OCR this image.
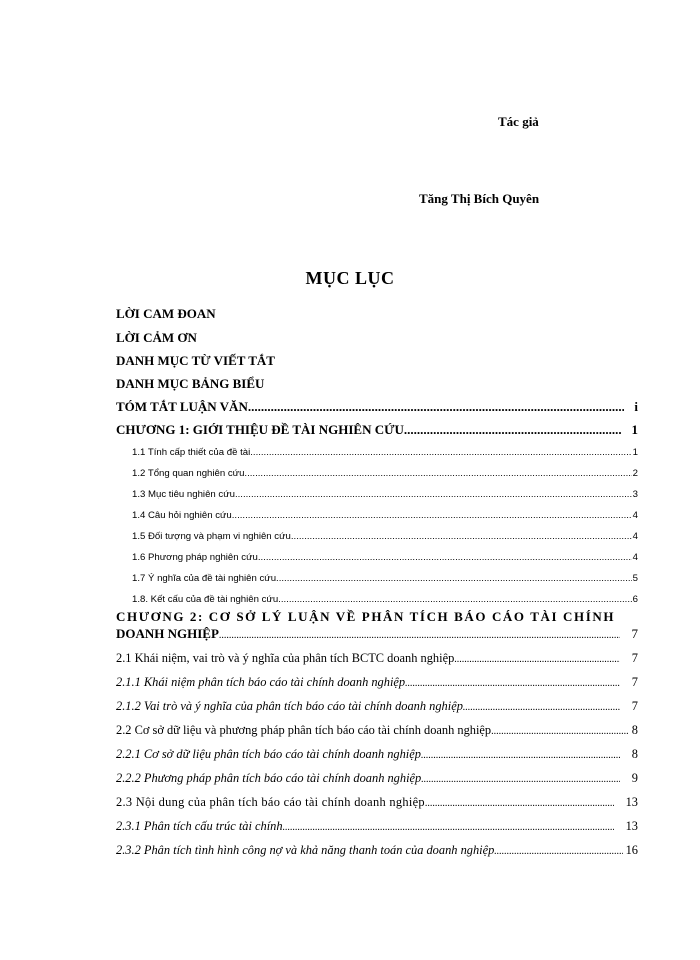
Tác giả
Tăng Thị Bích Quyên
MỤC LỤC
LỜI CAM ĐOAN
LỜI CẢM ƠN
DANH MỤC TỪ VIẾT TẮT
DANH MỤC BẢNG BIỂU
TÓM TẮT LUẬN VĂN .....	i
CHƯƠNG 1: GIỚI THIỆU ĐỀ TÀI NGHIÊN CỨU .....	1
1.1 Tính cấp thiết của đề tài .....	1
1.2 Tổng quan nghiên cứu .....	2
1.3 Mục tiêu nghiên cứu .....	3
1.4 Câu hỏi nghiên cứu .....	4
1.5 Đối tượng và phạm vi nghiên cứu .....	4
1.6 Phương pháp nghiên cứu .....	4
1.7 Ý nghĩa của đề tài nghiên cứu .....	5
1.8. Kết cấu của đề tài nghiên cứu .....	6
CHƯƠNG 2: CƠ SỞ LÝ LUẬN VỀ PHÂN TÍCH BÁO CÁO TÀI CHÍNH
DOANH NGHIỆP .....	7
2.1 Khái niệm, vai trò và ý nghĩa của phân tích BCTC doanh nghiệp .....	7
2.1.1 Khái niệm phân tích báo cáo tài chính doanh nghiệp .....	7
2.1.2 Vai trò và ý nghĩa của phân tích báo cáo tài chính doanh nghiệp .....	7
2.2 Cơ sở dữ liệu và phương pháp phân tích báo cáo tài chính doanh nghiệp .....	8
2.2.1 Cơ sở dữ liệu phân tích báo cáo tài chính doanh nghiệp .....	8
2.2.2 Phương pháp phân tích báo cáo tài chính doanh nghiệp .....	9
2.3 Nội dung của phân tích báo cáo tài chính doanh nghiệp .....	13
2.3.1 Phân tích cấu trúc tài chính .....	13
2.3.2 Phân tích tình hình công nợ và khả năng thanh toán của doanh nghiệp .....	16
